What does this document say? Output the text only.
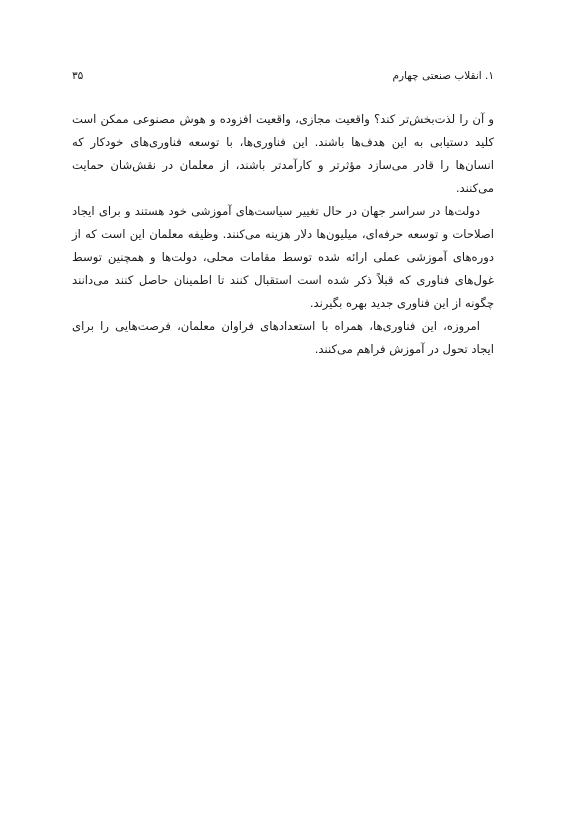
۱. انقلاب صنعتی چهارم
۳۵

و آن را لذت‌بخش‌تر کند؟ واقعیت مجازی، واقعیت افزوده و هوش مصنوعی ممکن است کلید دستیابی به این هدف‌ها باشند. این فناوری‌ها، با توسعه فناوری‌های خودکار که انسان‌ها را قادر می‌سازد مؤثرتر و کارآمدتر باشند، از معلمان در نقش‌شان حمایت می‌کنند.

دولت‌ها در سراسر جهان در حال تغییر سیاست‌های آموزشی خود هستند و برای ایجاد اصلاحات و توسعه حرفه‌ای، میلیون‌ها دلار هزینه می‌کنند. وظیفه معلمان این است که از دوره‌های آموزشی عملی ارائه شده توسط مقامات محلی، دولت‌ها و همچنین توسط غول‌های فناوری که قبلاً ذکر شده است استقبال کنند تا اطمینان حاصل کنند می‌دانند چگونه از این فناوری جدید بهره بگیرند.

امروزه، این فناوری‌ها، همراه با استعدادهای فراوان معلمان، فرصت‌هایی را برای ایجاد تحول در آموزش فراهم می‌کنند.
